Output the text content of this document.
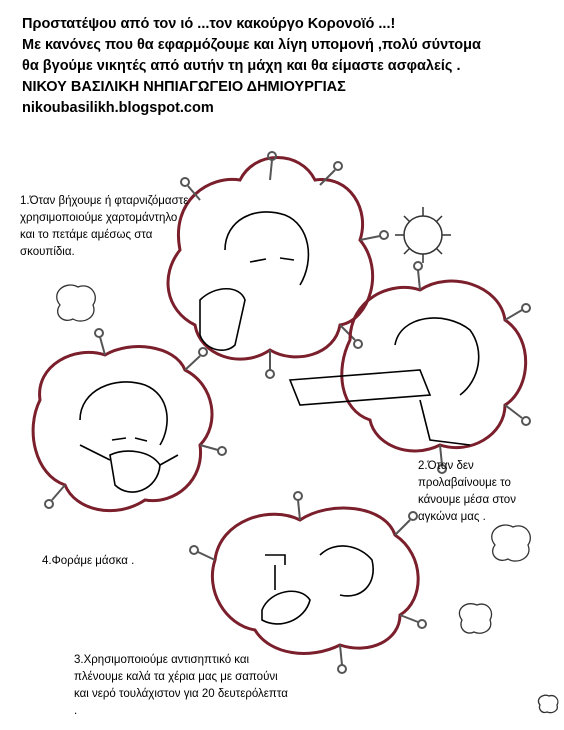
Προστατέψου από τον ιό ...τον κακούργο Κορονοϊό ...!
Με κανόνες που θα εφαρμόζουμε και λίγη υπομονή ,πολύ σύντομα
θα βγούμε νικητές από αυτήν τη μάχη και θα είμαστε ασφαλείς .
ΝΙΚΟΥ ΒΑΣΙΛΙΚΗ ΝΗΠΙΑΓΩΓΕΙΟ ΔΗΜΙΟΥΡΓΙΑΣ
nikoubasilikh.blogspot.com
1.Όταν βήχουμε ή φταρνιζόμαστε
χρησιμοποιούμε χαρτομάντηλο
και το πετάμε αμέσως στα
σκουπίδια.
2.Όταν δεν
προλαβαίνουμε το
κάνουμε μέσα στον
αγκώνα μας .
4.Φοράμε μάσκα .
3.Χρησιμοποιούμε αντισηπτικό και
πλένουμε καλά τα χέρια μας με σαπούνι
και νερό τουλάχιστον για 20 δευτερόλεπτα
.
